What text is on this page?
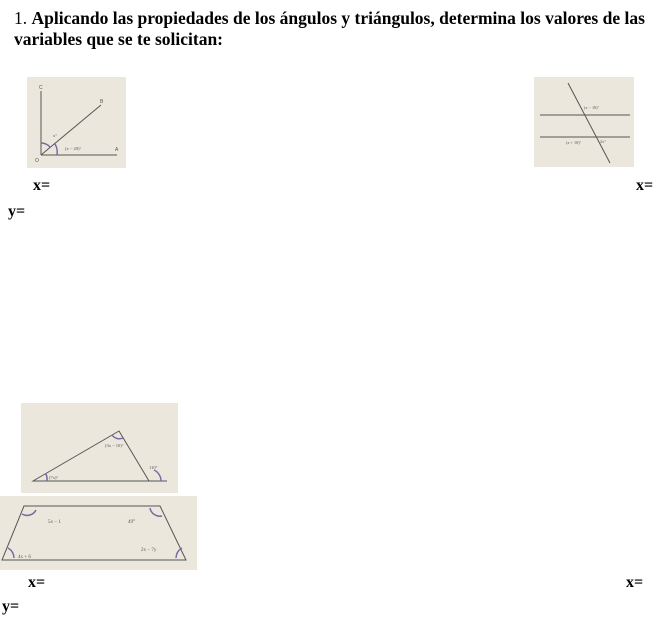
1. Aplicando las propiedades de los ángulos y triángulos, determina los valores de las variables que se te solicitan:
C
B
A
O
x°
(x − 20)°
(x − 10)°
(x + 10)°	2x°
x=	x=
y=
(3x − 10)°
(7x)°
110°
5x − 1	49°
2x − 7y
4x + 6
x=	x=
y=
